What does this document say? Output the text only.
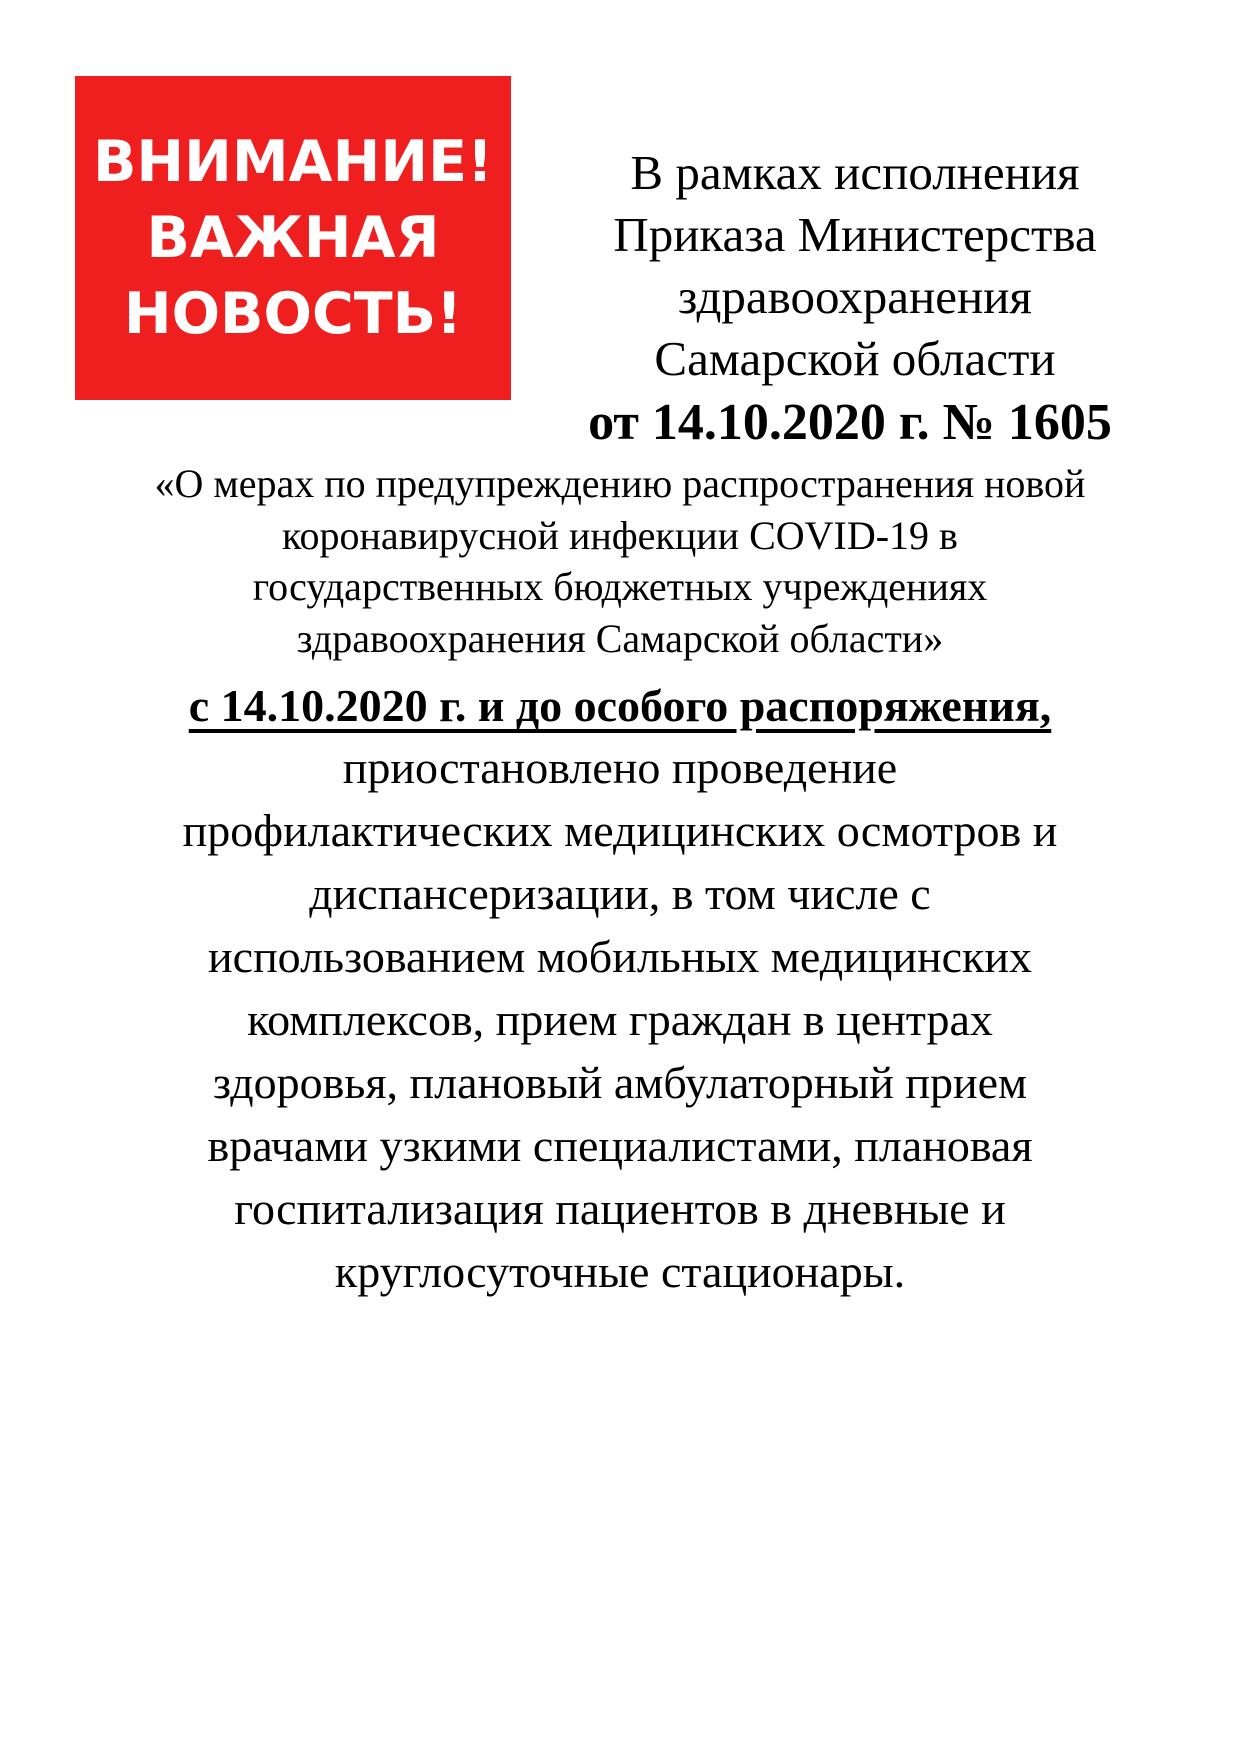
ВНИМАНИЕ!
ВАЖНАЯ
НОВОСТЬ!
В рамках исполнения
Приказа Министерства
здравоохранения
Самарской области
от 14.10.2020 г. № 1605
«О мерах по предупреждению распространения новой
коронавирусной инфекции COVID-19 в
государственных бюджетных учреждениях
здравоохранения Самарской области»
с 14.10.2020 г. и до особого распоряжения,
приостановлено проведение
профилактических медицинских осмотров и
диспансеризации, в том числе с
использованием мобильных медицинских
комплексов, прием граждан в центрах
здоровья, плановый амбулаторный прием
врачами узкими специалистами, плановая
госпитализация пациентов в дневные и
круглосуточные стационары.
